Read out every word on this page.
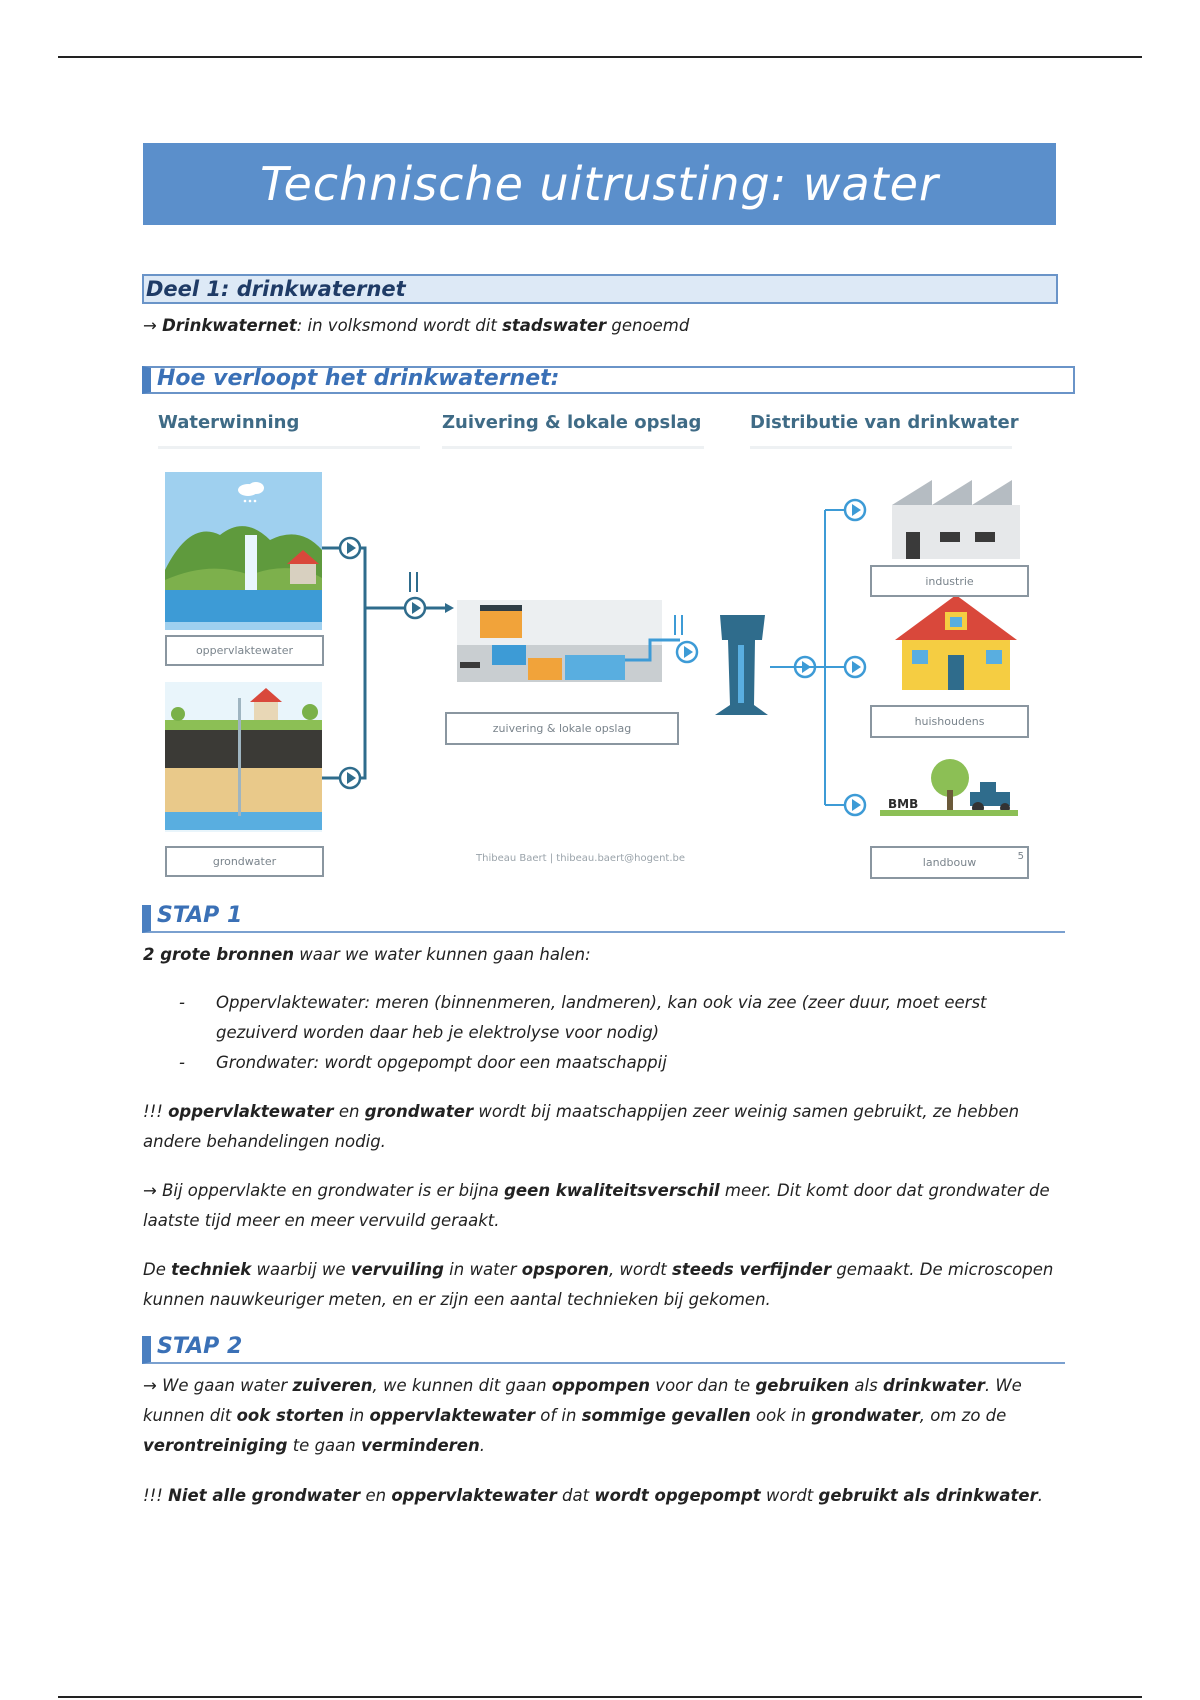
Technische uitrusting: water
Deel 1: drinkwaternet
→ Drinkwaternet: in volksmond wordt dit stadswater genoemd
Hoe verloopt het drinkwaternet:
Waterwinning	Zuivering & lokale opslag	Distributie van drinkwater
BMB
oppervlaktewater
grondwater
zuivering & lokale opslag
industrie
huishoudens
landbouw	5
Thibeau Baert | thibeau.baert@hogent.be
STAP 1
2 grote bronnen waar we water kunnen gaan halen:
- Oppervlaktewater: meren (binnenmeren, landmeren), kan ook via zee (zeer duur, moet eerst gezuiverd worden daar heb je elektrolyse voor nodig)
- Grondwater: wordt opgepompt door een maatschappij
!!! oppervlaktewater en grondwater wordt bij maatschappijen zeer weinig samen gebruikt, ze hebben andere behandelingen nodig.
→ Bij oppervlakte en grondwater is er bijna geen kwaliteitsverschil meer. Dit komt door dat grondwater de laatste tijd meer en meer vervuild geraakt.
De techniek waarbij we vervuiling in water opsporen, wordt steeds verfijnder gemaakt. De microscopen kunnen nauwkeuriger meten, en er zijn een aantal technieken bij gekomen.
STAP 2
→ We gaan water zuiveren, we kunnen dit gaan oppompen voor dan te gebruiken als drinkwater. We kunnen dit ook storten in oppervlaktewater of in sommige gevallen ook in grondwater, om zo de verontreiniging te gaan verminderen.
!!! Niet alle grondwater en oppervlaktewater dat wordt opgepompt wordt gebruikt als drinkwater.
